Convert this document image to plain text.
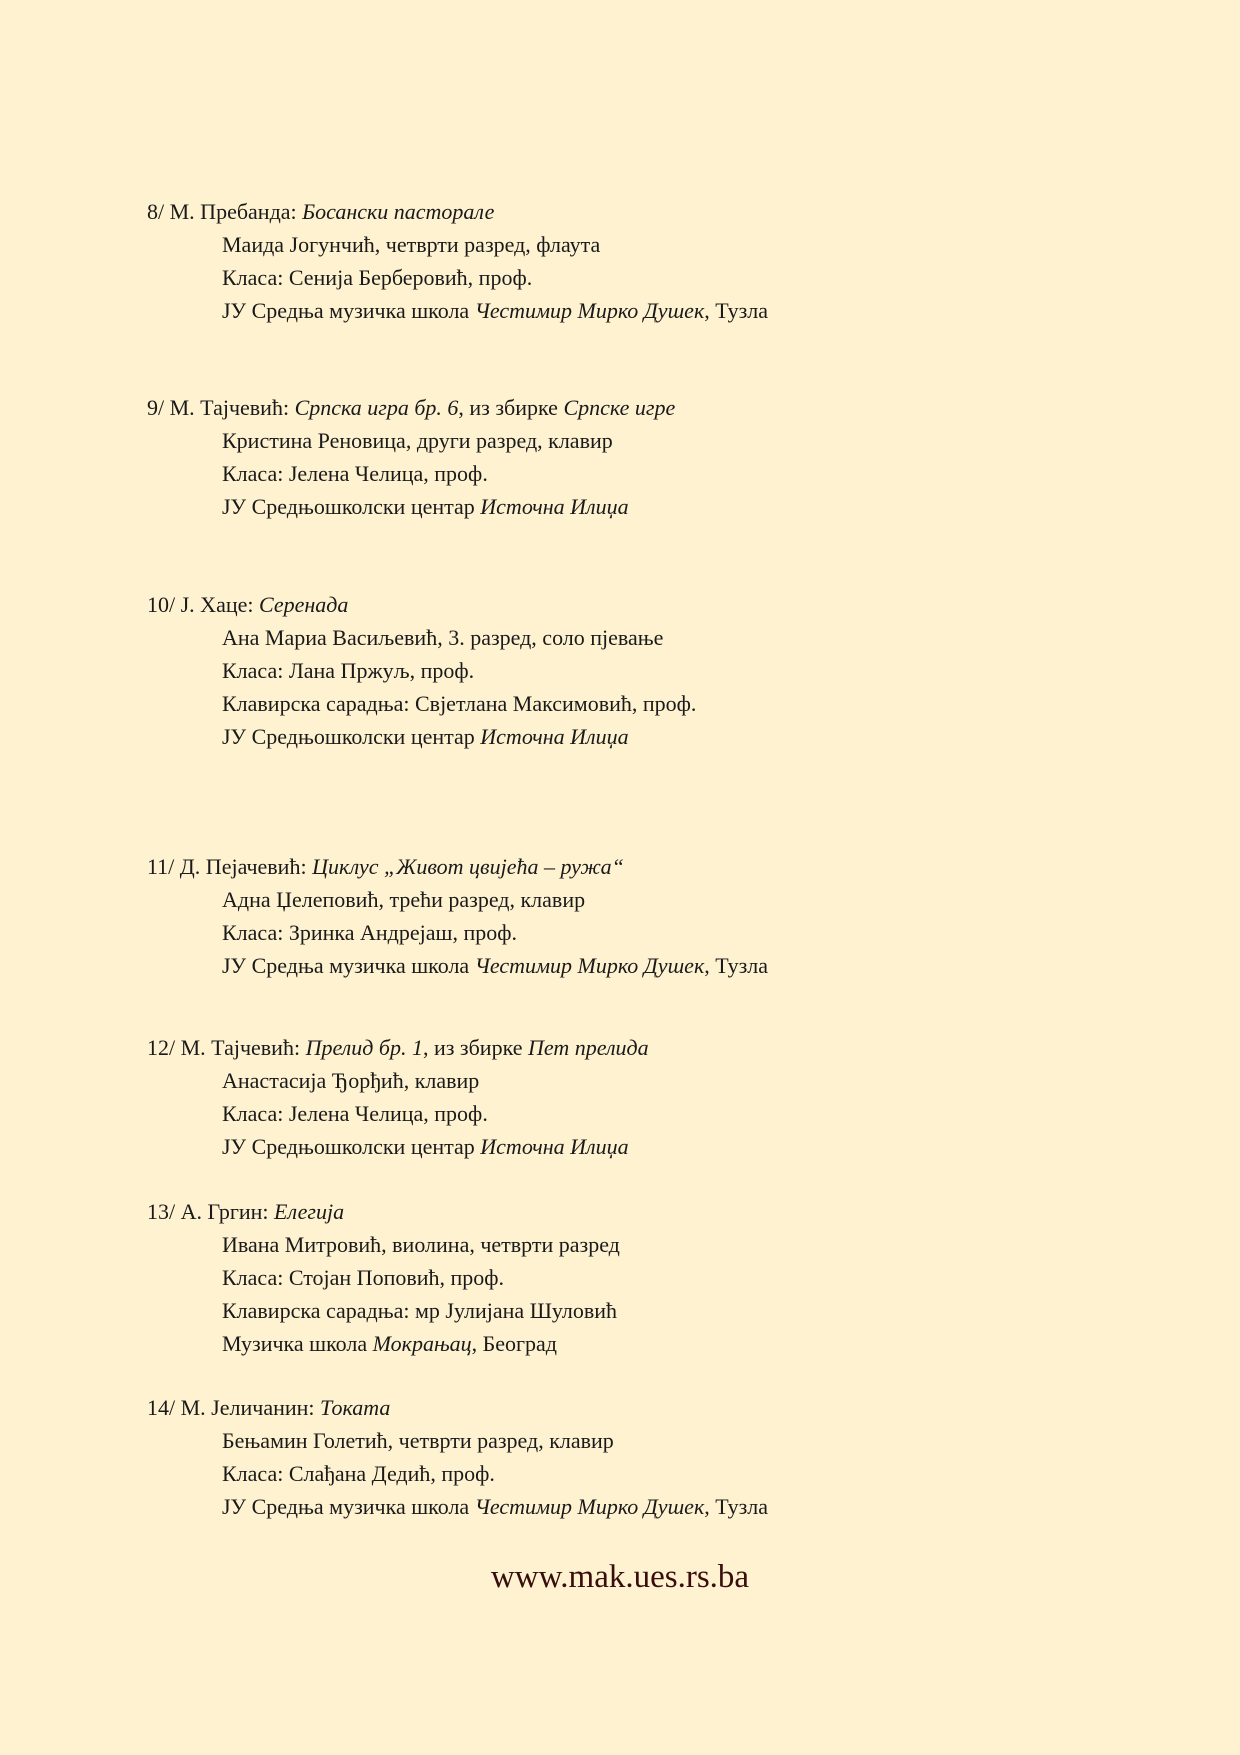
8/ М. Пребанда: Босански пасторале
Маида Јогунчић, четврти разред, флаута
Класа: Сенија Берберовић, проф.
ЈУ Средња музичка школа Честимир Мирко Душек, Тузла
9/ М. Тајчевић: Српска игра бр. 6, из збирке Српске игре
Кристина Реновица, други разред, клавир
Класа: Јелена Челица, проф.
ЈУ Средњошколски центар Источна Илиџа
10/ Ј. Хаце: Серенада
Ана Мариа Васиљевић, 3. разред, соло пјевање
Класа: Лана Пржуљ, проф.
Клавирска сарадња: Свјетлана Максимовић, проф.
ЈУ Средњошколски центар Источна Илиџа
11/ Д. Пејачевић: Циклус „Живот цвијећа – ружа“
Адна Џелеповић, трећи разред, клавир
Класа: Зринка Андрејаш, проф.
ЈУ Средња музичка школа Честимир Мирко Душек, Тузла
12/ М. Тајчевић: Прелид бр. 1, из збирке Пет прелида
Анастасија Ђорђић, клавир
Класа: Јелена Челица, проф.
ЈУ Средњошколски центар Источна Илиџа
13/ А. Гргин: Елегија
Ивана Митровић, виолина, четврти разред
Класа: Стојан Поповић, проф.
Клавирска сарадња: мр Јулијана Шуловић
Музичка школа Мокрањац, Београд
14/ М. Јеличанин: Токата
Бењамин Голетић, четврти разред, клавир
Класа: Слађана Дедић, проф.
ЈУ Средња музичка школа Честимир Мирко Душек, Тузла
www.mak.ues.rs.ba
